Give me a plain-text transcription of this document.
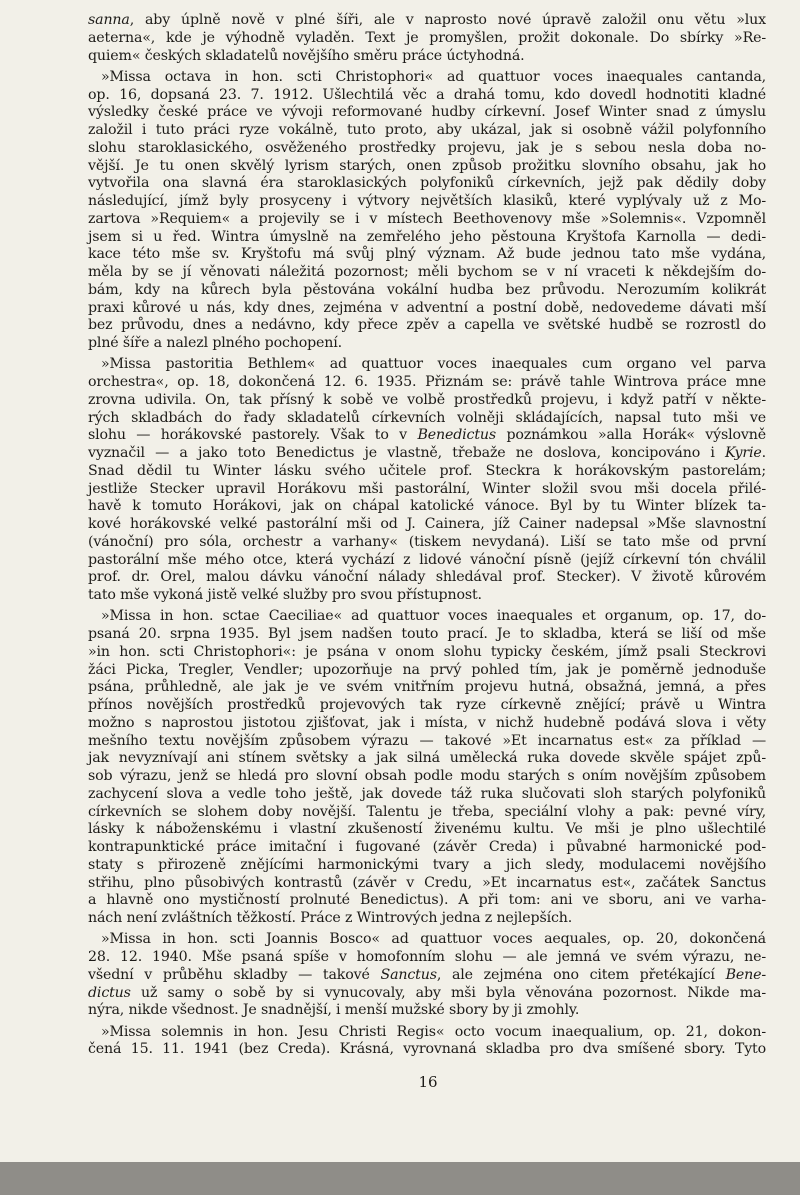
sanna, aby úplně nově v plné šíři, ale v naprosto nové úpravě založil onu větu »lux
aeterna«, kde je výhodně vyladěn. Text je promyšlen, prožit dokonale. Do sbírky »Re-
quiem« českých skladatelů novějšího směru práce úctyhodná.
»Missa octava in hon. scti Christophori« ad quattuor voces inaequales cantanda,
op. 16, dopsaná 23. 7. 1912. Ušlechtilá věc a drahá tomu, kdo dovedl hodnotiti kladné
výsledky české práce ve vývoji reformované hudby církevní. Josef Winter snad z úmyslu
založil i tuto práci ryze vokálně, tuto proto, aby ukázal, jak si osobně vážil polyfonního
slohu staroklasického, osvěženého prostředky projevu, jak je s sebou nesla doba no-
vější. Je tu onen skvělý lyrism starých, onen způsob prožitku slovního obsahu, jak ho
vytvořila ona slavná éra staroklasických polyfoniků církevních, jejž pak dědily doby
následující, jímž byly prosyceny i výtvory největších klasiků, které vyplývaly už z Mo-
zartova »Requiem« a projevily se i v místech Beethovenovy mše »Solemnis«. Vzpomněl
jsem si u řed. Wintra úmyslně na zemřelého jeho pěstouna Kryštofa Karnolla — dedi-
kace této mše sv. Kryštofu má svůj plný význam. Až bude jednou tato mše vydána,
měla by se jí věnovati náležitá pozornost; měli bychom se v ní vraceti k někdejším do-
bám, kdy na kůrech byla pěstována vokální hudba bez průvodu. Nerozumím kolikrát
praxi kůrové u nás, kdy dnes, zejména v adventní a postní době, nedovedeme dávati mší
bez průvodu, dnes a nedávno, kdy přece zpěv a capella ve světské hudbě se rozrostl do
plné šíře a nalezl plného pochopení.
»Missa pastoritia Bethlem« ad quattuor voces inaequales cum organo vel parva
orchestra«, op. 18, dokončená 12. 6. 1935. Přiznám se: právě tahle Wintrova práce mne
zrovna udivila. On, tak přísný k sobě ve volbě prostředků projevu, i když patří v někte-
rých skladbách do řady skladatelů církevních volněji skládajících, napsal tuto mši ve
slohu — horákovské pastorely. Však to v Benedictus poznámkou »alla Horák« výslovně
vyznačil — a jako toto Benedictus je vlastně, třebaže ne doslova, koncipováno i Kyrie.
Snad dědil tu Winter lásku svého učitele prof. Steckra k horákovským pastorelám;
jestliže Stecker upravil Horákovu mši pastorální, Winter složil svou mši docela přilé-
havě k tomuto Horákovi, jak on chápal katolické vánoce. Byl by tu Winter blízek ta-
kové horákovské velké pastorální mši od J. Cainera, jíž Cainer nadepsal »Mše slavnostní
(vánoční) pro sóla, orchestr a varhany« (tiskem nevydaná). Liší se tato mše od první
pastorální mše mého otce, která vychází z lidové vánoční písně (jejíž církevní tón chválil
prof. dr. Orel, malou dávku vánoční nálady shledával prof. Stecker). V životě kůrovém
tato mše vykoná jistě velké služby pro svou přístupnost.
»Missa in hon. sctae Caeciliae« ad quattuor voces inaequales et organum, op. 17, do-
psaná 20. srpna 1935. Byl jsem nadšen touto prací. Je to skladba, která se liší od mše
»in hon. scti Christophori«: je psána v onom slohu typicky českém, jímž psali Steckrovi
žáci Picka, Tregler, Vendler; upozorňuje na prvý pohled tím, jak je poměrně jednoduše
psána, průhledně, ale jak je ve svém vnitřním projevu hutná, obsažná, jemná, a přes
přínos novějších prostředků projevových tak ryze církevně znějící; právě u Wintra
možno s naprostou jistotou zjišťovat, jak i místa, v nichž hudebně podává slova i věty
mešního textu novějším způsobem výrazu — takové »Et incarnatus est« za příklad —
jak nevyznívají ani stínem světsky a jak silná umělecká ruka dovede skvěle spájet způ-
sob výrazu, jenž se hledá pro slovní obsah podle modu starých s oním novějším způsobem
zachycení slova a vedle toho ještě, jak dovede táž ruka slučovati sloh starých polyfoniků
církevních se slohem doby novější. Talentu je třeba, speciální vlohy a pak: pevné víry,
lásky k náboženskému i vlastní zkušeností živenému kultu. Ve mši je plno ušlechtilé
kontrapunktické práce imitační i fugované (závěr Creda) i půvabné harmonické pod-
staty s přirozeně znějícími harmonickými tvary a jich sledy, modulacemi novějšího
střihu, plno působivých kontrastů (závěr v Credu, »Et incarnatus est«, začátek Sanctus
a hlavně ono mystičností prolnuté Benedictus). A při tom: ani ve sboru, ani ve varha-
nách není zvláštních těžkostí. Práce z Wintrových jedna z nejlepších.
»Missa in hon. scti Joannis Bosco« ad quattuor voces aequales, op. 20, dokončená
28. 12. 1940. Mše psaná spíše v homofonním slohu — ale jemná ve svém výrazu, ne-
všední v průběhu skladby — takové Sanctus, ale zejména ono citem přetékající Bene-
dictus už samy o sobě by si vynucovaly, aby mši byla věnována pozornost. Nikde ma-
nýra, nikde všednost. Je snadnější, i menší mužské sbory by ji zmohly.
»Missa solemnis in hon. Jesu Christi Regis« octo vocum inaequalium, op. 21, dokon-
čená 15. 11. 1941 (bez Creda). Krásná, vyrovnaná skladba pro dva smíšené sbory. Tyto
16
